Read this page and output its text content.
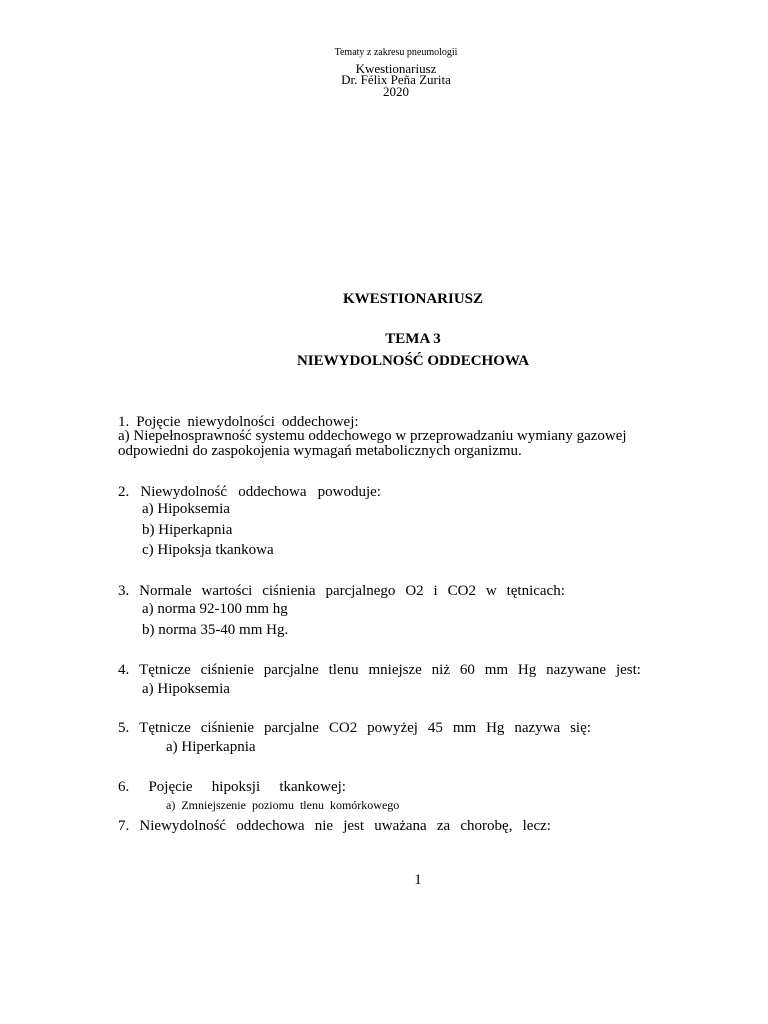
Tematy z zakresu pneumologii
Kwestionariusz
Dr. Félix Peña Zurita
2020
KWESTIONARIUSZ
TEMA 3
NIEWYDOLNOŚĆ ODDECHOWA
1. Pojęcie niewydolności oddechowej:
a) Niepełnosprawność systemu oddechowego w przeprowadzaniu wymiany gazowej
odpowiedni do zaspokojenia wymagań metabolicznych organizmu.
2. Niewydolność oddechowa powoduje:
a) Hipoksemia
b) Hiperkapnia
c) Hipoksja tkankowa
3. Normale wartości ciśnienia parcjalnego O2 i CO2 w tętnicach:
a) norma 92-100 mm hg
b) norma 35-40 mm Hg.
4. Tętnicze ciśnienie parcjalne tlenu mniejsze niż 60 mm Hg nazywane jest:
a) Hipoksemia
5. Tętnicze ciśnienie parcjalne CO2 powyżej 45 mm Hg nazywa się:
a) Hiperkapnia
6. Pojęcie hipoksji tkankowej:
a)  Zmniejszenie  poziomu  tlenu  komórkowego
7. Niewydolność oddechowa nie jest uważana za chorobę, lecz:
1
